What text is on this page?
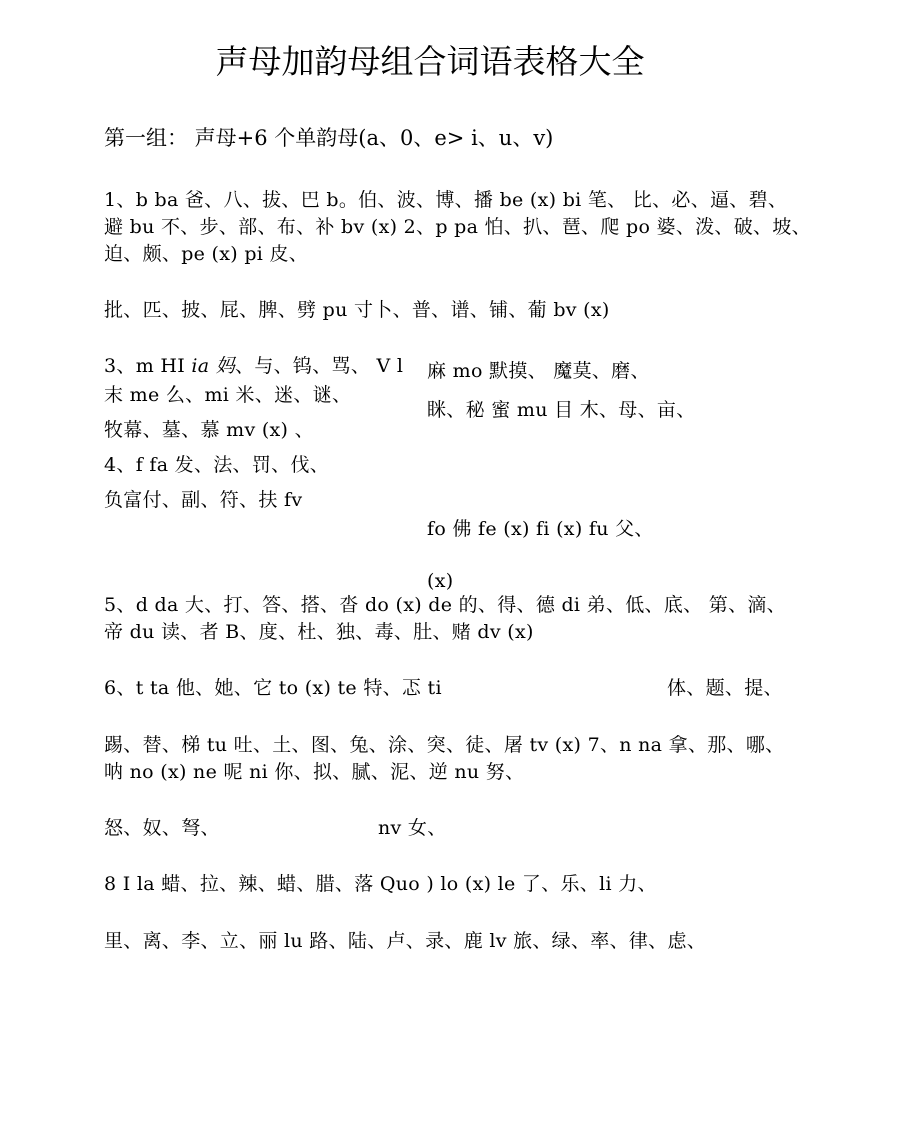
声母加韵母组合词语表格大全
第一组： 声母+6 个单韵母(a、0、e> i、u、v)
1、b ba 爸、八、拔、巴 b。伯、波、博、播 be (x) bi 笔、 比、必、逼、碧、
避 bu 不、步、部、布、补 bv (x) 2、p pa 怕、扒、琶、爬 po 婆、泼、破、坡、
迫、颇、pe (x) pi 皮、
批、匹、披、屁、脾、劈 pu 寸卜、普、谱、铺、葡 bv (x)
3、m HI ia 妈、与、钨、骂、 V l
末 me 么、mi 米、迷、谜、
牧幕、墓、慕 mv (x) 、
4、f fa 发、法、罚、伐、
负富付、副、符、扶 fv
麻 mo 默摸、 魔莫、磨、
眯、秘 蜜 mu 目 木、母、亩、
fo 佛 fe (x) fi (x) fu 父、
(x)
5、d da 大、打、答、搭、沓 do (x) de 的、得、德 di 弟、低、底、 第、滴、
帝 du 读、者 B、度、杜、独、毒、肚、赌 dv (x)
6、t ta 他、她、它 to (x) te 特、忑 ti	体、题、提、
踢、替、梯 tu 吐、土、图、兔、涂、突、徒、屠 tv (x) 7、n na 拿、那、哪、
呐 no (x) ne 呢 ni 你、拟、腻、泥、逆 nu 努、
怒、奴、弩、	nv 女、
8 I la 蜡、拉、辣、蜡、腊、落 Quo ) lo (x) le 了、乐、li 力、
里、离、李、立、丽 lu 路、陆、卢、录、鹿 lv 旅、绿、率、律、虑、
